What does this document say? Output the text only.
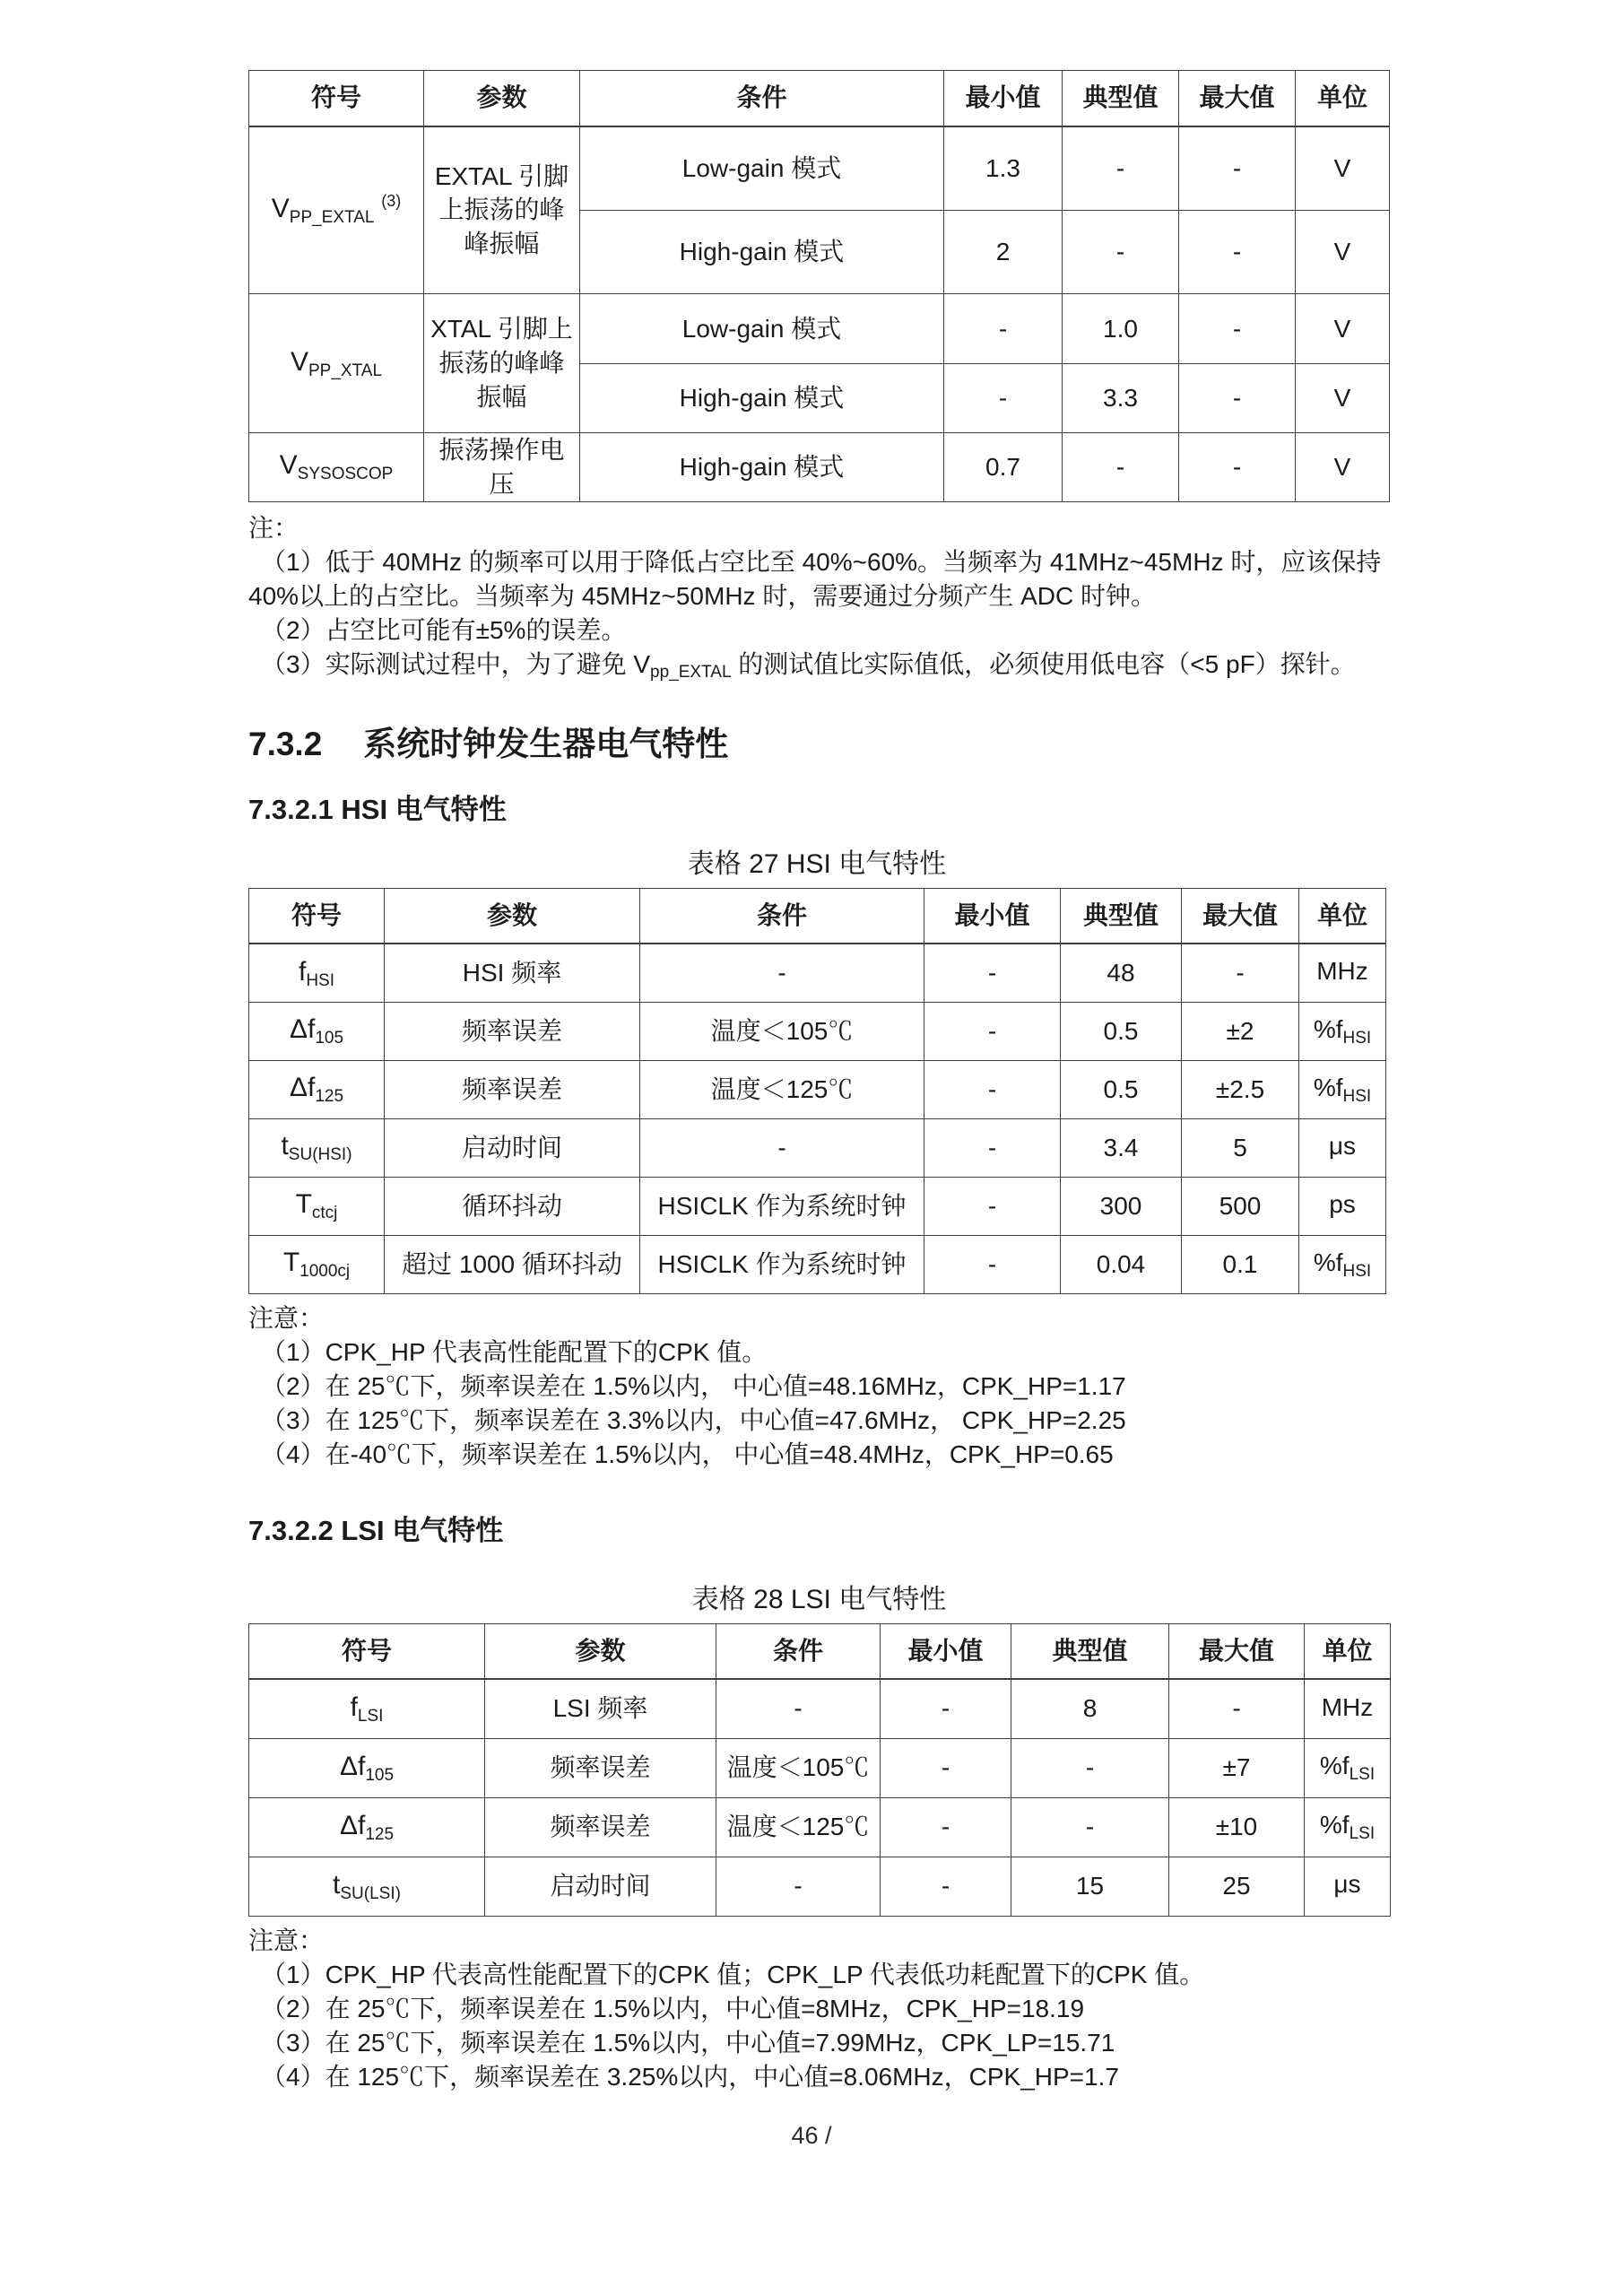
符号	参数	条件	最小值	典型值	最大值	单位
$V_{PP\_EXTAL}$ $^{(3)}$	EXTAL 引脚上振荡的峰峰振幅	Low-gain 模式	1.3	-	-	V
		High-gain 模式	2	-	-	V
$V_{PP\_XTAL}$	XTAL 引脚上振荡的峰峰振幅	Low-gain 模式	-	1.0	-	V
		High-gain 模式	-	3.3	-	V
$V_{SYSOSCOP}$	振荡操作电压	High-gain 模式	0.7	-	-	V
注：
（1）低于 40MHz 的频率可以用于降低占空比至 40%~60%。当频率为 41MHz~45MHz 时，应该保持
40%以上的占空比。当频率为 45MHz~50MHz 时，需要通过分频产生 ADC 时钟。
（2）占空比可能有±5%的误差。
（3）实际测试过程中，为了避免 $V_{pp\_EXTAL}$ 的测试值比实际值低，必须使用低电容（<5 pF）探针。
7.3.2 系统时钟发生器电气特性
7.3.2.1 HSI 电气特性
表格 27 HSI 电气特性
符号	参数	条件	最小值	典型值	最大值	单位
$f_{HSI}$	HSI 频率	-	-	48	-	MHz
$\Delta f_{105}$	频率误差	温度＜105℃	-	0.5	±2	$\%f_{HSI}$
$\Delta f_{125}$	频率误差	温度＜125℃	-	0.5	±2.5	$\%f_{HSI}$
$t_{SU(HSI)}$	启动时间	-	-	3.4	5	μs
$T_{ctcj}$	循环抖动	HSICLK 作为系统时钟	-	300	500	ps
$T_{1000cj}$	超过 1000 循环抖动	HSICLK 作为系统时钟	-	0.04	0.1	$\%f_{HSI}$
注意：
（1）CPK_HP 代表高性能配置下的CPK 值。
（2）在 25℃下，频率误差在 1.5%以内， 中心值=48.16MHz，CPK_HP=1.17
（3）在 125℃下，频率误差在 3.3%以内，中心值=47.6MHz， CPK_HP=2.25
（4）在-40℃下，频率误差在 1.5%以内， 中心值=48.4MHz，CPK_HP=0.65
7.3.2.2 LSI 电气特性
表格 28 LSI 电气特性
符号	参数	条件	最小值	典型值	最大值	单位
$f_{LSI}$	LSI 频率	-	-	8	-	MHz
$\Delta f_{105}$	频率误差	温度＜105℃	-	-	±7	$\%f_{LSI}$
$\Delta f_{125}$	频率误差	温度＜125℃	-	-	±10	$\%f_{LSI}$
$t_{SU(LSI)}$	启动时间	-	-	15	25	μs
注意：
（1）CPK_HP 代表高性能配置下的CPK 值；CPK_LP 代表低功耗配置下的CPK 值。
（2）在 25℃下，频率误差在 1.5%以内，中心值=8MHz，CPK_HP=18.19
（3）在 25℃下，频率误差在 1.5%以内，中心值=7.99MHz，CPK_LP=15.71
（4）在 125℃下，频率误差在 3.25%以内，中心值=8.06MHz，CPK_HP=1.7
46 /
